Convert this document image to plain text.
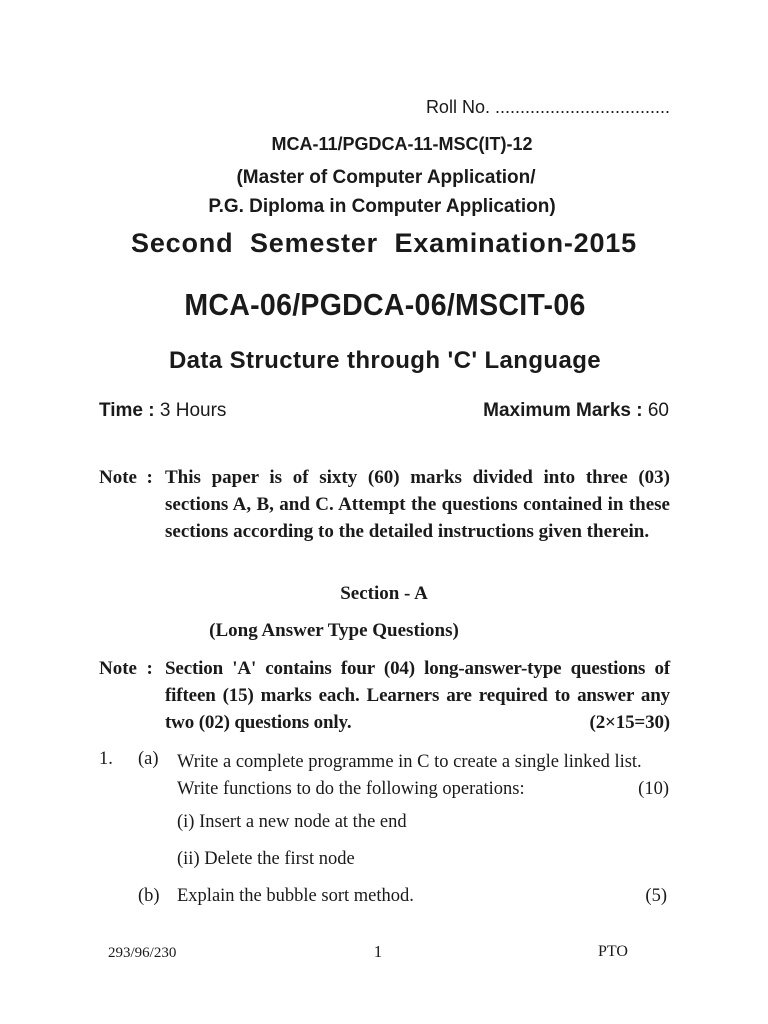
Roll No. ...................................
MCA-11/PGDCA-11-MSC(IT)-12
(Master of Computer Application/
P.G. Diploma in Computer Application)
Second  Semester  Examination-2015
MCA-06/PGDCA-06/MSCIT-06
Data Structure through 'C' Language
Time : 3 Hours	Maximum Marks : 60
Note  : This paper is of sixty (60) marks divided into three (03) sections A, B, and C. Attempt the questions contained in these sections according to the detailed instructions given therein.
Section - A
(Long Answer Type Questions)
Note  : Section 'A' contains four (04) long-answer-type questions of fifteen (15) marks each. Learners are required to answer any two (02) questions only.	(2×15=30)
1. (a) Write a complete programme in C to create a single linked list. Write functions to do the following operations:	(10)
(i) Insert a new node at the end
(ii) Delete the first node
(b) Explain the bubble sort method.	(5)
293/96/230	1	PTO
